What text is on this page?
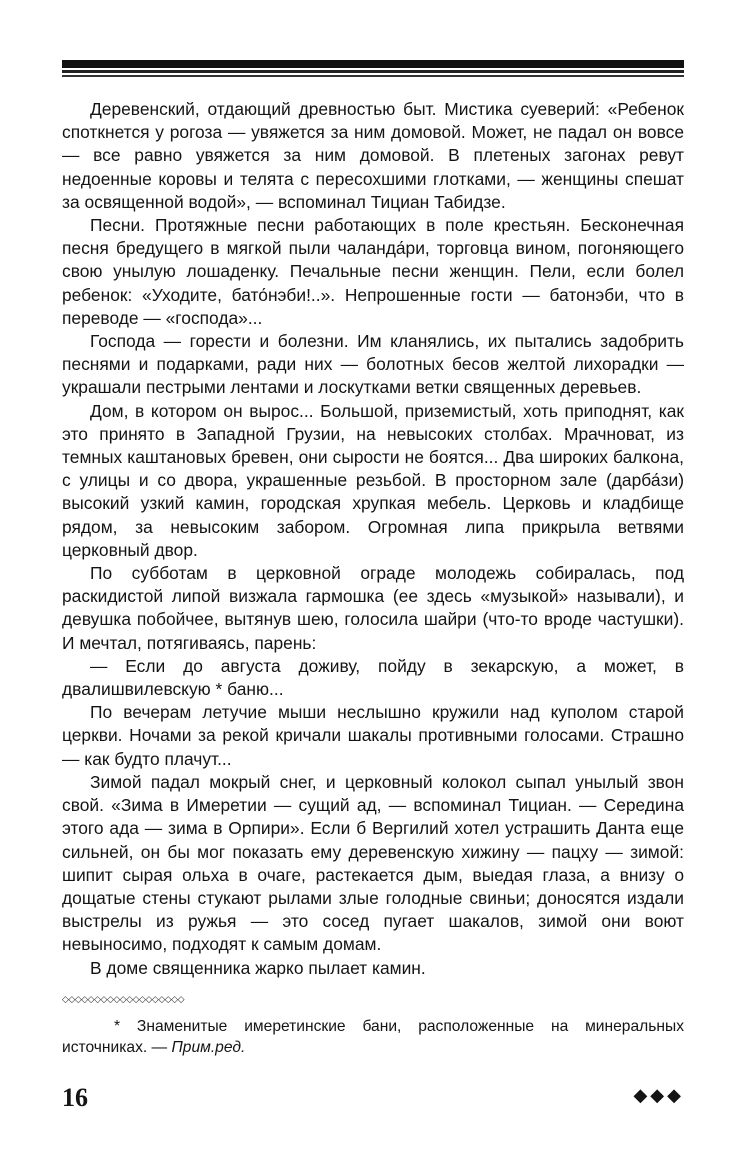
Деревенский, отдающий древностью быт. Мистика суеверий: «Ребенок споткнется у рогоза — увяжется за ним домовой. Может, не падал он вовсе — все равно увяжется за ним домовой. В плетеных загонах ревут недоенные коровы и телята с пересохшими глотками, — женщины спешат за освященной водой», — вспоминал Тициан Табидзе.

Песни. Протяжные песни работающих в поле крестьян. Бесконечная песня бредущего в мягкой пыли чаланда́ри, торговца вином, погоняющего свою унылую лошаденку. Печальные песни женщин. Пели, если болел ребенок: «Уходите, бато́нэби!..». Непрошенные гости — батонэби, что в переводе — «господа»...

Господа — горести и болезни. Им кланялись, их пытались задобрить песнями и подарками, ради них — болотных бесов желтой лихорадки — украшали пестрыми лентами и лоскутками ветки священных деревьев.

Дом, в котором он вырос... Большой, приземистый, хоть приподнят, как это принято в Западной Грузии, на невысоких столбах. Мрачноват, из темных каштановых бревен, они сырости не боятся... Два широких балкона, с улицы и со двора, украшенные резьбой. В просторном зале (дарба́зи) высокий узкий камин, городская хрупкая мебель. Церковь и кладбище рядом, за невысоким забором. Огромная липа прикрыла ветвями церковный двор.

По субботам в церковной ограде молодежь собиралась, под раскидистой липой визжала гармошка (ее здесь «музыкой» называли), и девушка побойчее, вытянув шею, голосила шайри (что-то вроде частушки). И мечтал, потягиваясь, парень:

— Если до августа доживу, пойду в зекарскую, а может, в двалишвилевскую * баню...

По вечерам летучие мыши неслышно кружили над куполом старой церкви. Ночами за рекой кричали шакалы противными голосами. Страшно — как будто плачут...

Зимой падал мокрый снег, и церковный колокол сыпал унылый звон свой. «Зима в Имеретии — сущий ад, — вспоминал Тициан. — Середина этого ада — зима в Орпири». Если б Вергилий хотел устрашить Данта еще сильней, он бы мог показать ему деревенскую хижину — пацху — зимой: шипит сырая ольха в очаге, растекается дым, выедая глаза, а внизу о дощатые стены стукают рылами злые голодные свиньи; доносятся издали выстрелы из ружья — это сосед пугает шакалов, зимой они воют невыносимо, подходят к самым домам.

В доме священника жарко пылает камин.

◇◇◇◇◇◇◇◇◇◇◇◇◇◇◇◇◇◇◇

* Знаменитые имеретинские бани, расположенные на минеральных источниках. — Прим.ред.

16	◆◆◆
